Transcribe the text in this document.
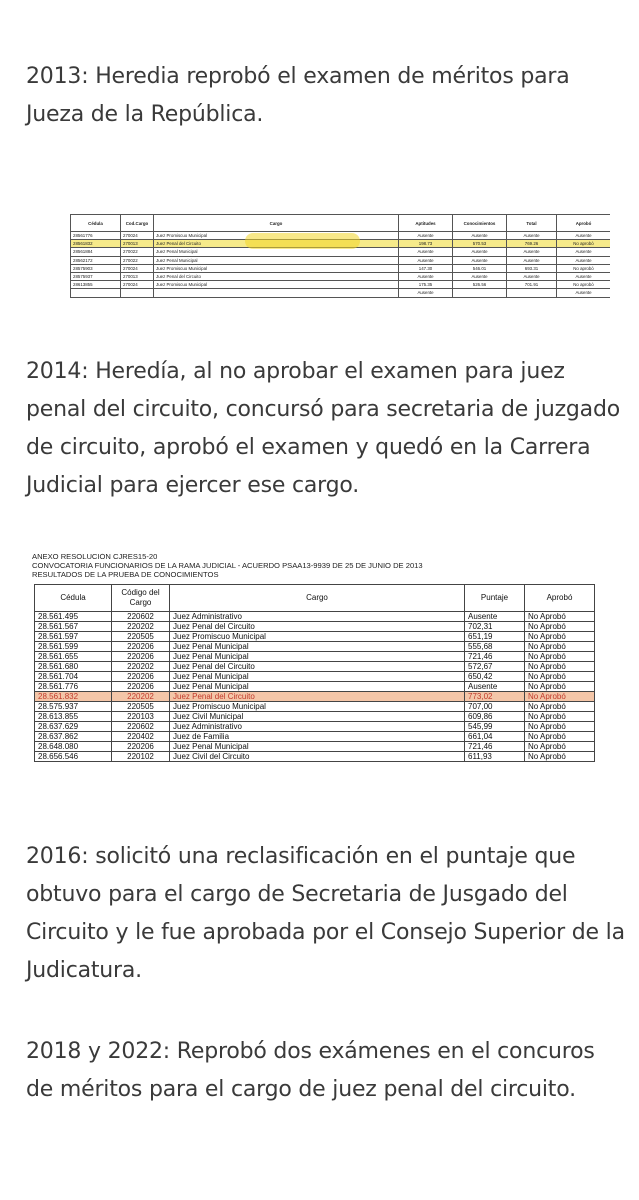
2013: Heredia reprobó el examen de méritos para Jueza de la República.
Cédula	Cod.Cargo	Cargo	Aptitudes	Conocimientos	Total	Aprobó
28561776	270024	Juez Promiscuo Municipal	Ausente	Ausente	Ausente	Ausente
28561832	270013	Juez Penal del Circuito	198.73	570.53	769.26	No aprobó
28561884	270022	Juez Penal Municipal	Ausente	Ausente	Ausente	Ausente
28562172	270022	Juez Penal Municipal	Ausente	Ausente	Ausente	Ausente
28575903	270024	Juez Promiscuo Municipal	147.30	546.01	693.31	No aprobó
28575937	270013	Juez Penal del Circuito	Ausente	Ausente	Ausente	Ausente
28613855	270024	Juez Promiscuo Municipal	175.35	526.56	701.91	No aprobó
			Ausente			Ausente
2014: Heredía, al no aprobar el examen para juez penal del circuito, concursó para secretaria de juzgado de circuito, aprobó el examen y quedó en la Carrera Judicial para ejercer ese cargo.
ANEXO RESOLUCIÓN CJRES15-20
CONVOCATORIA FUNCIONARIOS DE LA RAMA JUDICIAL - ACUERDO PSAA13-9939 DE 25 DE JUNIO DE 2013
RESULTADOS DE LA PRUEBA DE CONOCIMIENTOS
Cédula	Código del Cargo	Cargo	Puntaje	Aprobó
28.561.495	220602	Juez Administrativo	Ausente	No Aprobó
28.561.567	220202	Juez Penal del Circuito	702,31	No Aprobó
28.561.597	220505	Juez Promiscuo Municipal	651,19	No Aprobó
28.561.599	220206	Juez Penal Municipal	555,68	No Aprobó
28.561.655	220206	Juez Penal Municipal	721,46	No Aprobó
28.561.680	220202	Juez Penal del Circuito	572,67	No Aprobó
28.561.704	220206	Juez Penal Municipal	650,42	No Aprobó
28.561.776	220206	Juez Penal Municipal	Ausente	No Aprobó
28.561.832	220202	Juez Penal del Circuito	773,02	No Aprobó
28.575.937	220505	Juez Promiscuo Municipal	707,00	No Aprobó
28.613.855	220103	Juez Civil Municipal	609,86	No Aprobó
28.637.629	220602	Juez Administrativo	545,99	No Aprobó
28.637.862	220402	Juez de Familia	661,04	No Aprobó
28.648.080	220206	Juez Penal Municipal	721,46	No Aprobó
28.656.546	220102	Juez Civil del Circuito	611,93	No Aprobó
2016: solicitó una reclasificación en el puntaje que obtuvo para el cargo de Secretaria de Jusgado del Circuito y le fue aprobada por el Consejo Superior de la Judicatura.
2018 y 2022: Reprobó dos exámenes en el concuros de méritos para el cargo de juez penal del circuito.
